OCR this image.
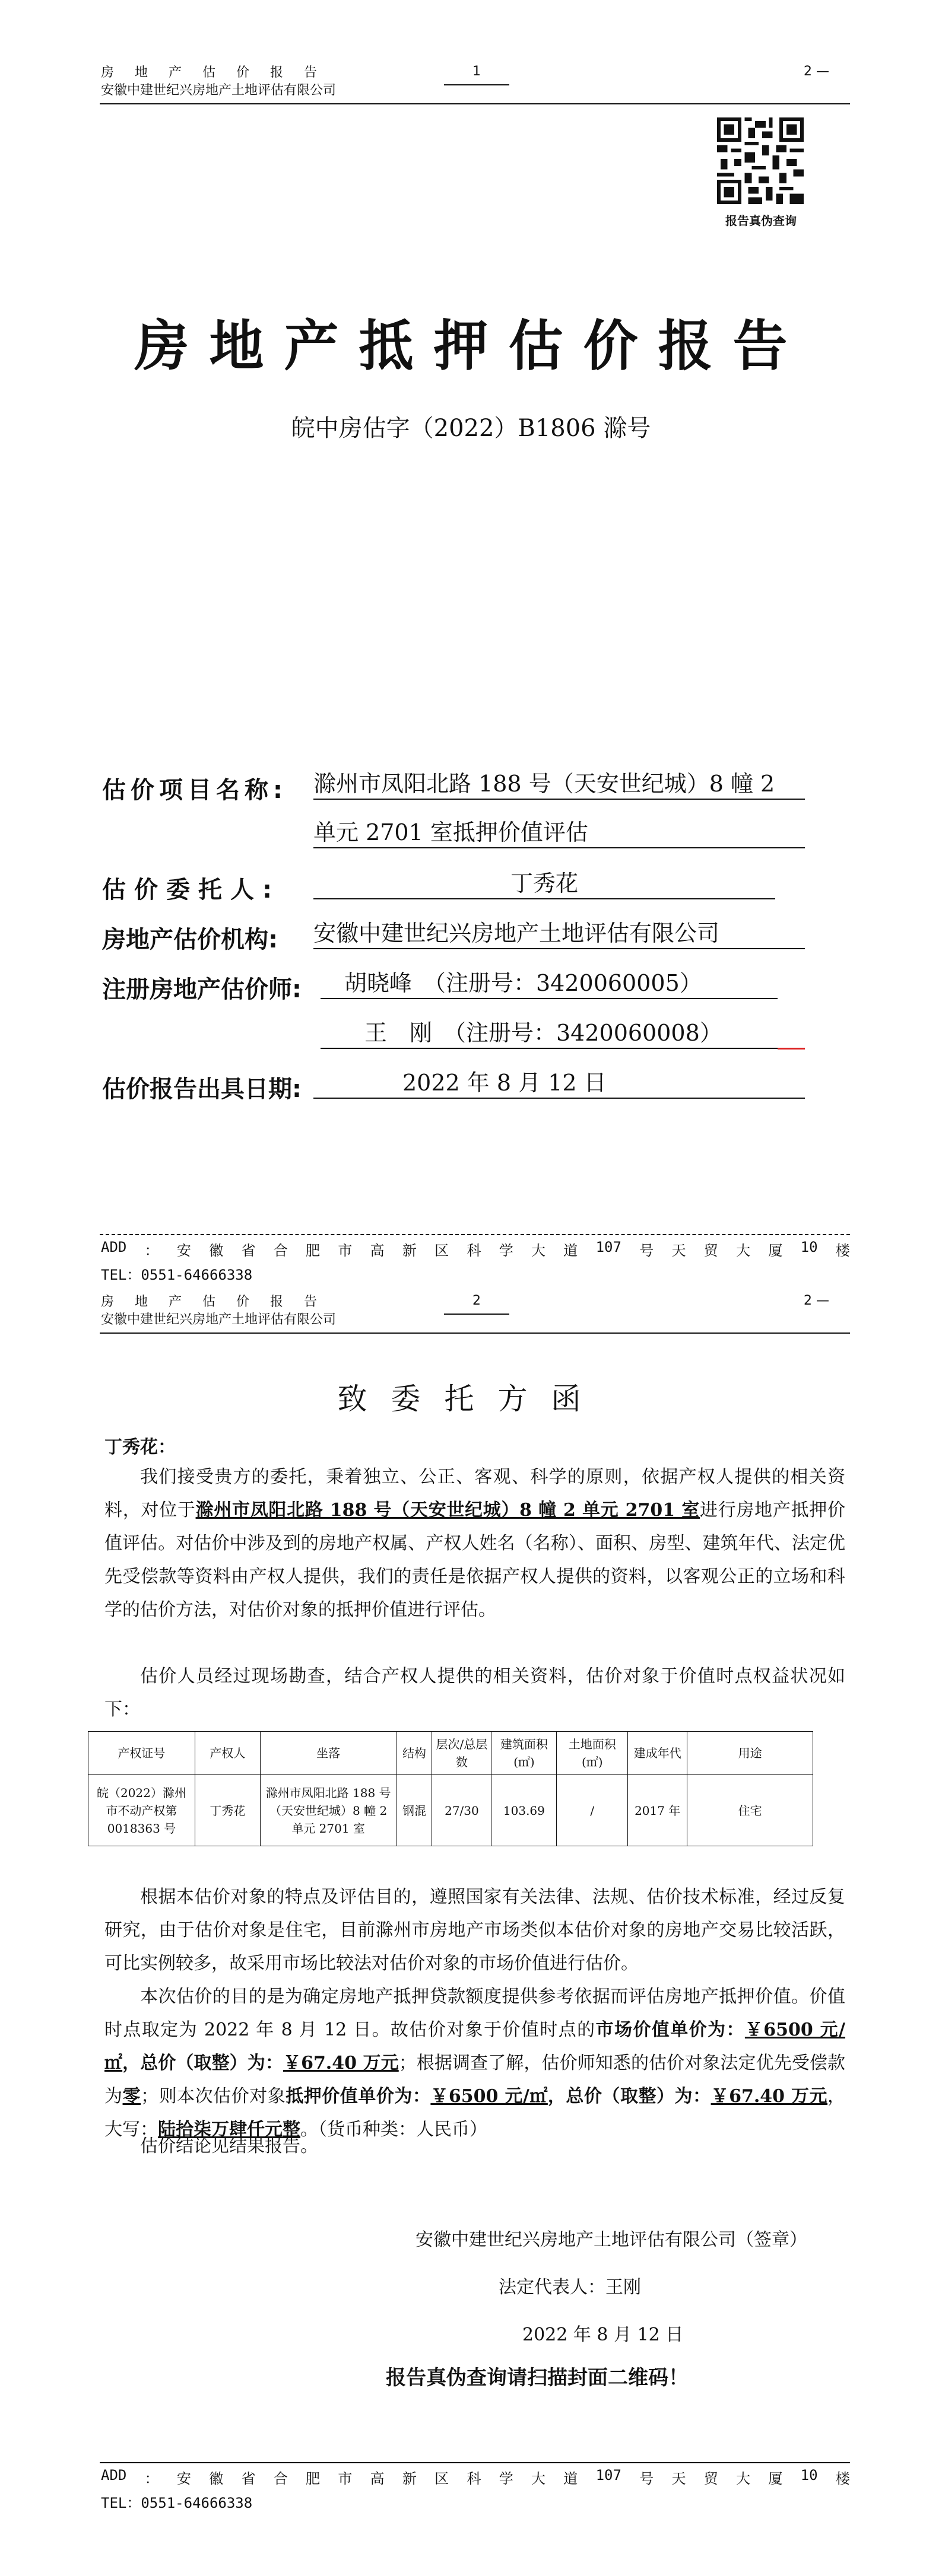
房 地 产 估 价 报 告
安徽中建世纪兴房地产土地评估有限公司
1	2 —
报告真伪查询
房地产抵押估价报告
皖中房估字（2022）B1806 滁号
估价项目名称: 滁州市凤阳北路 188 号（天安世纪城）8 幢 2
单元 2701 室抵押价值评估
估价委托人:	丁秀花
房地产估价机构: 安徽中建世纪兴房地产土地评估有限公司
注册房地产估价师:	胡晓峰　（注册号：3420060005）
王　刚　（注册号：3420060008）
估价报告出具日期:	2022 年 8 月 12 日
ADD ： 安 徽 省 合 肥 市 高 新 区 科 学 大 道 107 号 天 贸 大 厦 10 楼
TEL：0551-64666338
房 地 产 估 价 报 告
安徽中建世纪兴房地产土地评估有限公司
2	2 —
致委托方函
丁秀花：
我们接受贵方的委托，秉着独立、公正、客观、科学的原则，依据产权人提供的相关资料，对位于滁州市凤阳北路 188 号（天安世纪城）8 幢 2 单元 2701 室进行房地产抵押价值评估。对估价中涉及到的房地产权属、产权人姓名（名称）、面积、房型、建筑年代、法定优先受偿款等资料由产权人提供，我们的责任是依据产权人提供的资料，以客观公正的立场和科学的估价方法，对估价对象的抵押价值进行评估。
估价人员经过现场勘查，结合产权人提供的相关资料，估价对象于价值时点权益状况如下：
产权证号	产权人	坐落	结构	层次/总层数	建筑面积(㎡)	土地面积(㎡)	建成年代	用途
皖（2022）滁州市不动产权第0018363 号	丁秀花	滁州市凤阳北路 188 号（天安世纪城）8 幢 2 单元 2701 室	钢混	27/30	103.69	/	2017 年	住宅
根据本估价对象的特点及评估目的，遵照国家有关法律、法规、估价技术标准，经过反复研究，由于估价对象是住宅，目前滁州市房地产市场类似本估价对象的房地产交易比较活跃，可比实例较多，故采用市场比较法对估价对象的市场价值进行估价。
本次估价的目的是为确定房地产抵押贷款额度提供参考依据而评估房地产抵押价值。价值时点取定为 2022 年 8 月 12 日。故估价对象于价值时点的市场价值单价为：￥6500 元/㎡，总价（取整）为：￥67.40 万元；根据调查了解，估价师知悉的估价对象法定优先受偿款为零；则本次估价对象抵押价值单价为：￥6500 元/㎡，总价（取整）为：￥67.40 万元，大写：陆拾柒万肆仟元整。（货币种类：人民币）
估价结论见结果报告。
安徽中建世纪兴房地产土地评估有限公司（签章）
法定代表人：王刚
2022 年 8 月 12 日
报告真伪查询请扫描封面二维码！
ADD ： 安 徽 省 合 肥 市 高 新 区 科 学 大 道 107 号 天 贸 大 厦 10 楼
TEL：0551-64666338
